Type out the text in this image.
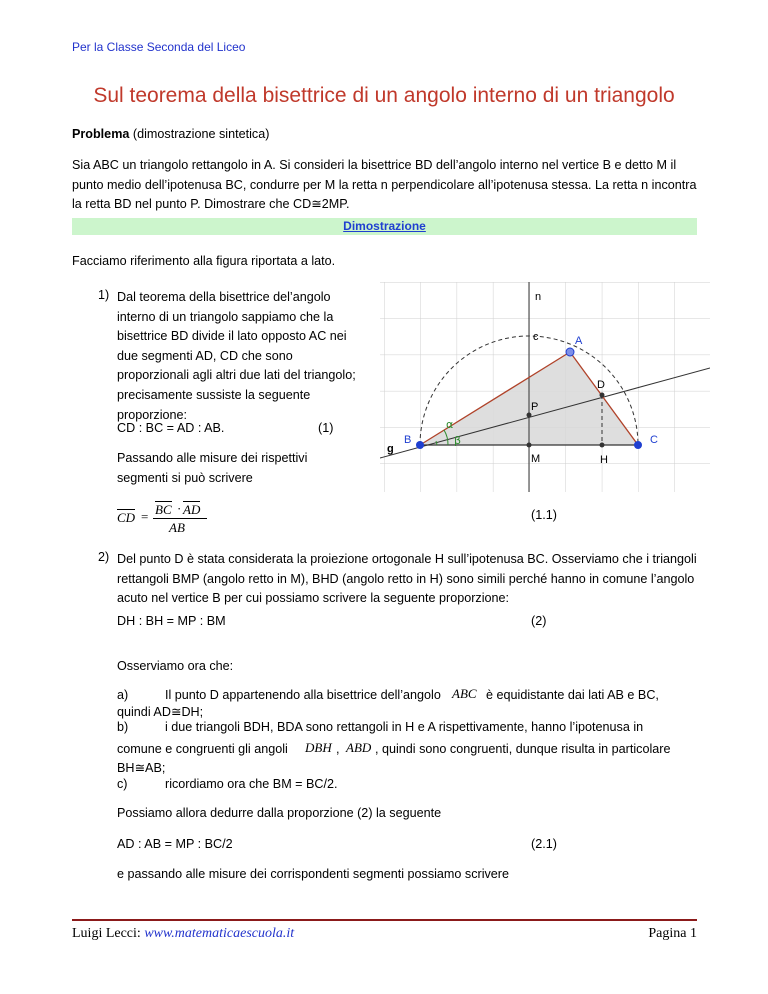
Per la Classe Seconda del Liceo
Sul teorema della bisettrice di un angolo interno di un triangolo

Problema (dimostrazione sintetica)

Sia ABC un triangolo rettangolo in A. Si consideri la bisettrice BD dell’angolo interno nel vertice B e detto M il punto medio dell’ipotenusa BC, condurre per M la retta n perpendicolare all’ipotenusa stessa. La retta n incontra la retta BD nel punto P. Dimostrare che CD≅2MP.

Dimostrazione

Facciamo riferimento alla figura riportata a lato.

1) Dal teorema della bisettrice del’angolo interno di un triangolo sappiamo che la bisettrice BD divide il lato opposto AC nei due segmenti AD, CD che sono proporzionali agli altri due lati del triangolo; precisamente sussiste la seguente proporzione:

CD : BC = AD : AB.	(1)

Passando alle misure dei rispettivi segmenti si può scrivere

CD = BC · AD
AB
(1.1)
2) Del punto D è stata considerata la proiezione ortogonale H sull’ipotenusa BC. Osserviamo che i triangoli rettangoli BMP (angolo retto in M), BHD (angolo retto in H) sono simili perché hanno in comune l’angolo acuto nel vertice B per cui possiamo scrivere la seguente proporzione:

DH : BH = MP : BM	(2)

Osserviamo ora che:

a)	Il punto D appartenendo alla bisettrice dell’angolo ABC è equidistante dai lati AB e BC,
quindi AD≅DH;
b)	i due triangoli BDH, BDA sono rettangoli in H e A rispettivamente, hanno l’ipotenusa in
comune e congruenti gli angoli DBH , ABD , quindi sono congruenti, dunque risulta in particolare
BH≅AB;
c)	ricordiamo ora che BM = BC/2.

Possiamo allora dedurre dalla proporzione (2) la seguente

AD : AB = MP : BC/2	(2.1)

e passando alle misure dei corrispondenti segmenti possiamo scrivere

n
c	A
D
P
B	C
M	H
g
α
β
Luigi Lecci: www.matematicaescuola.it	Pagina 1
